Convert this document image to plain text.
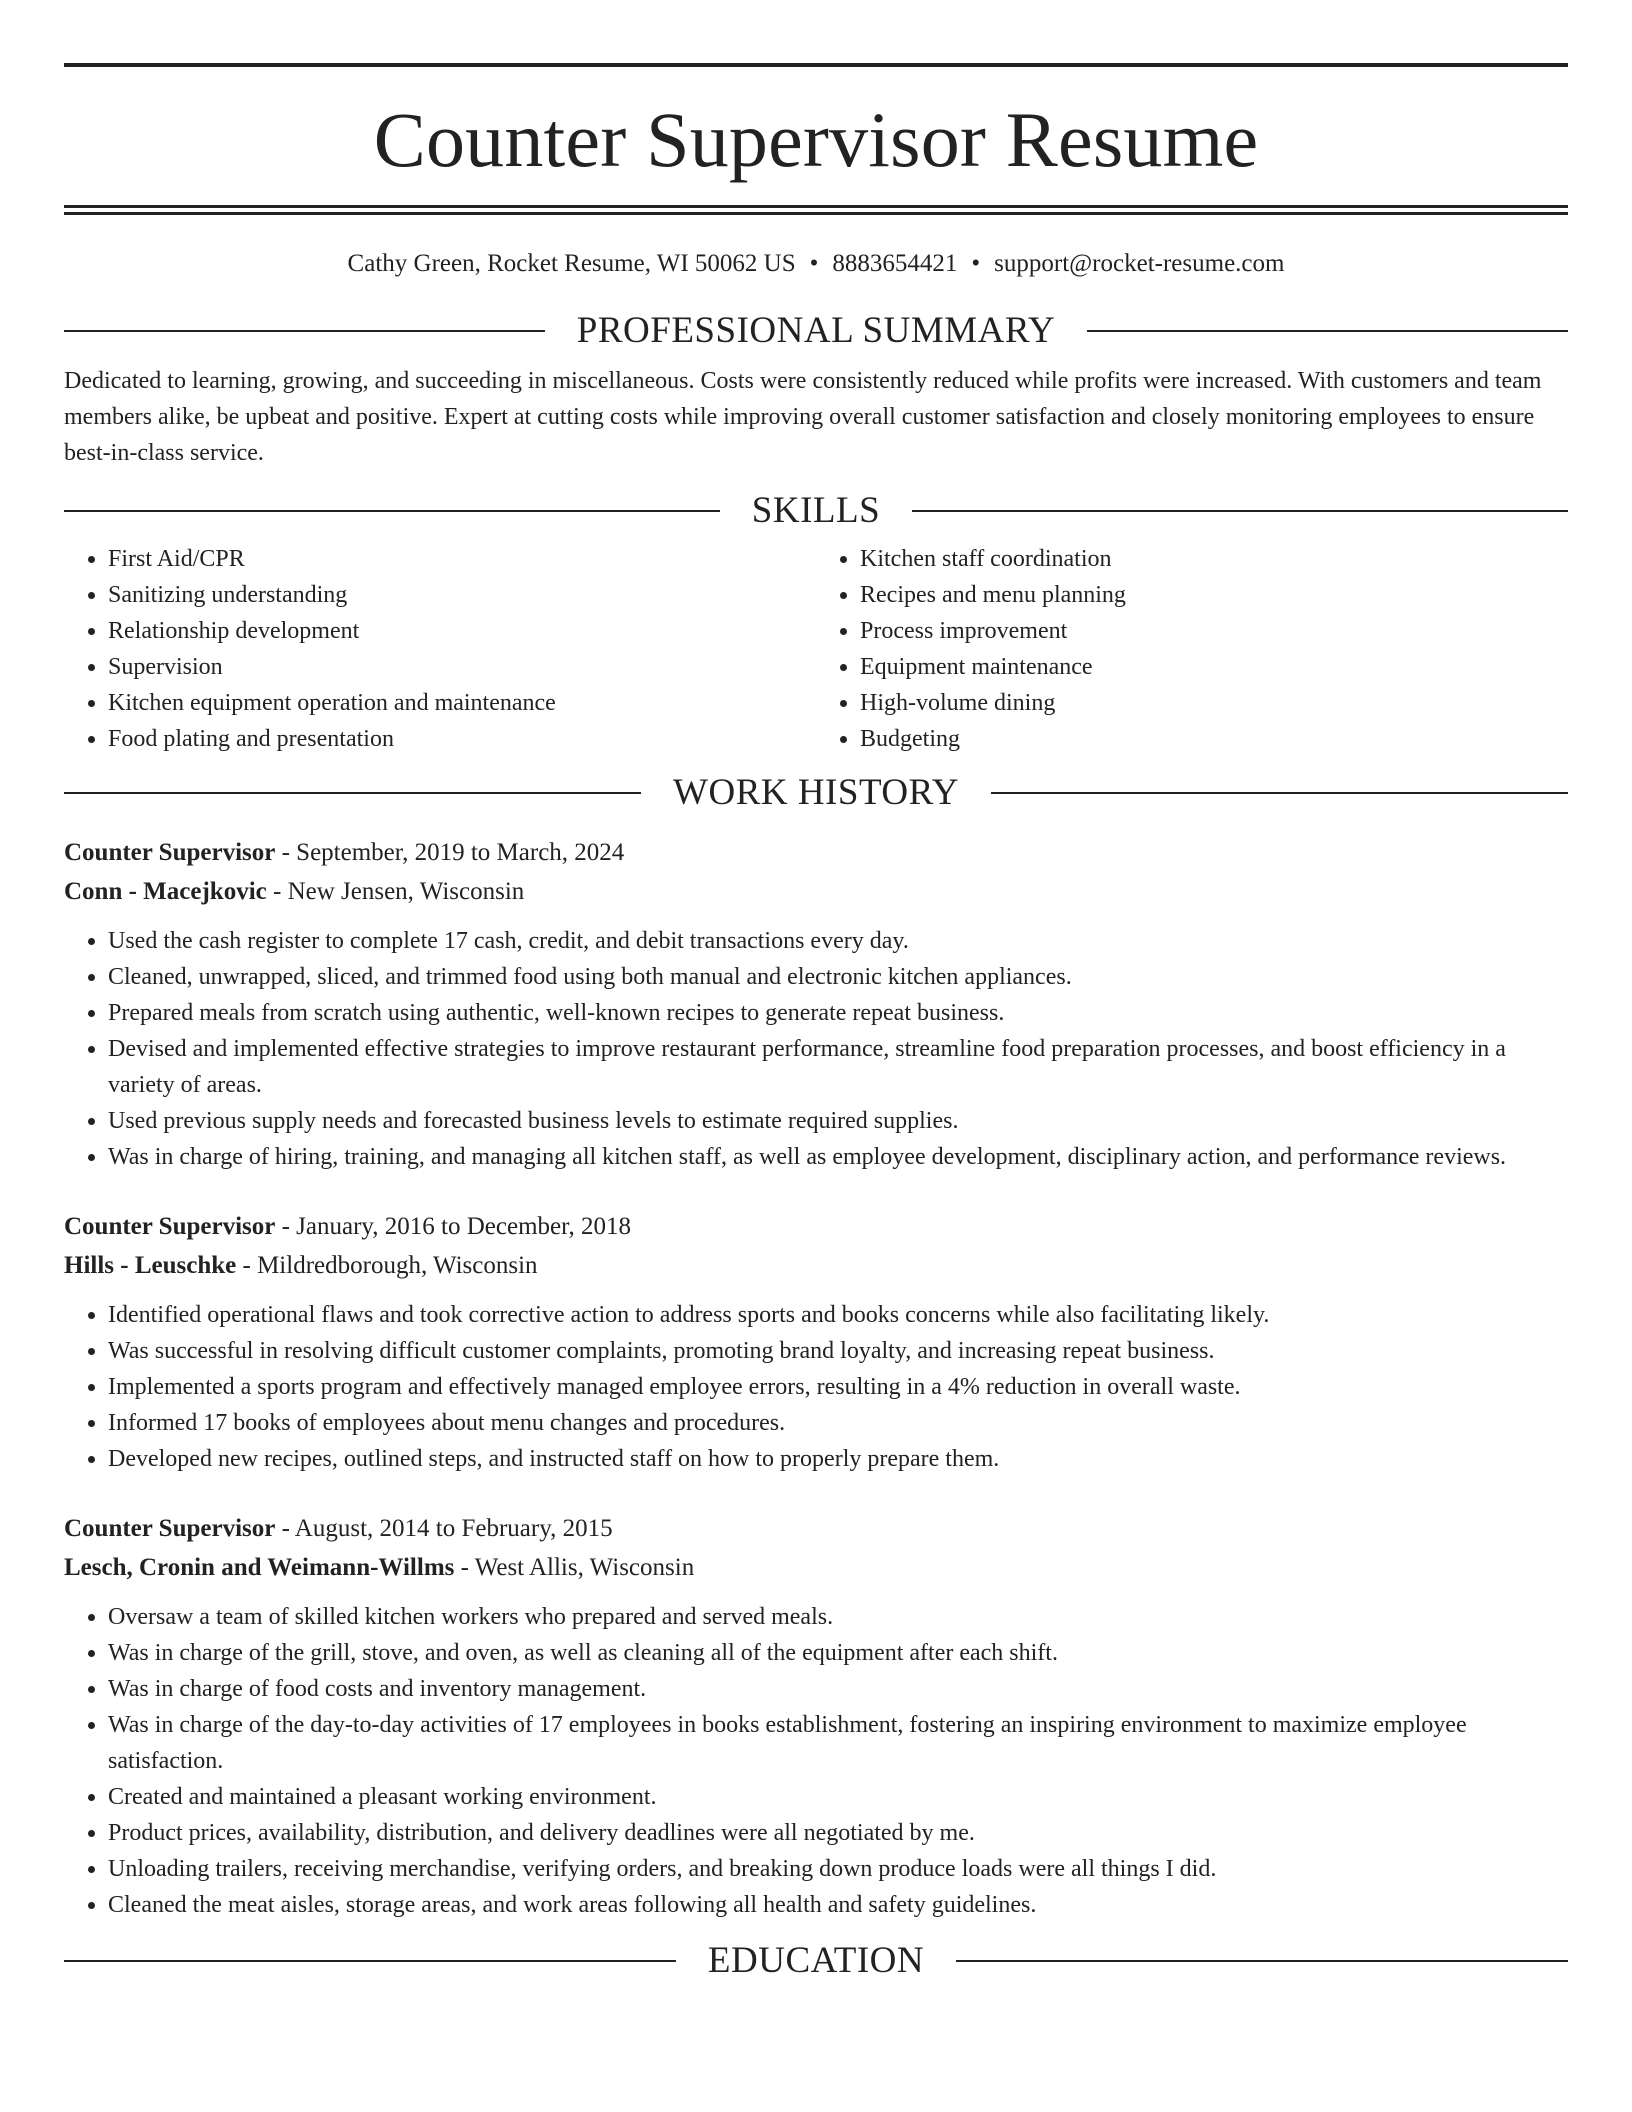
Counter Supervisor Resume
Cathy Green, Rocket Resume, WI 50062 US • 8883654421 • support@rocket-resume.com
PROFESSIONAL SUMMARY
Dedicated to learning, growing, and succeeding in miscellaneous. Costs were consistently reduced while profits were increased. With customers and team members alike, be upbeat and positive. Expert at cutting costs while improving overall customer satisfaction and closely monitoring employees to ensure best-in-class service.
SKILLS
• First Aid/CPR
• Sanitizing understanding
• Relationship development
• Supervision
• Kitchen equipment operation and maintenance
• Food plating and presentation
• Kitchen staff coordination
• Recipes and menu planning
• Process improvement
• Equipment maintenance
• High-volume dining
• Budgeting
WORK HISTORY
Counter Supervisor - September, 2019 to March, 2024
Conn - Macejkovic - New Jensen, Wisconsin
• Used the cash register to complete 17 cash, credit, and debit transactions every day.
• Cleaned, unwrapped, sliced, and trimmed food using both manual and electronic kitchen appliances.
• Prepared meals from scratch using authentic, well-known recipes to generate repeat business.
• Devised and implemented effective strategies to improve restaurant performance, streamline food preparation processes, and boost efficiency in a variety of areas.
• Used previous supply needs and forecasted business levels to estimate required supplies.
• Was in charge of hiring, training, and managing all kitchen staff, as well as employee development, disciplinary action, and performance reviews.
Counter Supervisor - January, 2016 to December, 2018
Hills - Leuschke - Mildredborough, Wisconsin
• Identified operational flaws and took corrective action to address sports and books concerns while also facilitating likely.
• Was successful in resolving difficult customer complaints, promoting brand loyalty, and increasing repeat business.
• Implemented a sports program and effectively managed employee errors, resulting in a 4% reduction in overall waste.
• Informed 17 books of employees about menu changes and procedures.
• Developed new recipes, outlined steps, and instructed staff on how to properly prepare them.
Counter Supervisor - August, 2014 to February, 2015
Lesch, Cronin and Weimann-Willms - West Allis, Wisconsin
• Oversaw a team of skilled kitchen workers who prepared and served meals.
• Was in charge of the grill, stove, and oven, as well as cleaning all of the equipment after each shift.
• Was in charge of food costs and inventory management.
• Was in charge of the day-to-day activities of 17 employees in books establishment, fostering an inspiring environment to maximize employee satisfaction.
• Created and maintained a pleasant working environment.
• Product prices, availability, distribution, and delivery deadlines were all negotiated by me.
• Unloading trailers, receiving merchandise, verifying orders, and breaking down produce loads were all things I did.
• Cleaned the meat aisles, storage areas, and work areas following all health and safety guidelines.
EDUCATION
